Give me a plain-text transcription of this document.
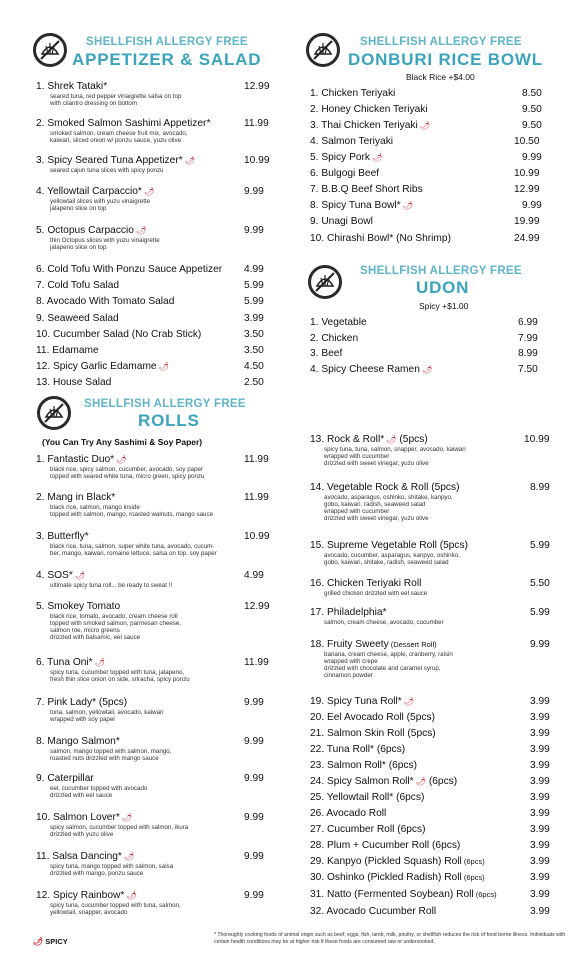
SHELLFISH ALLERGY FREE
APPETIZER & SALAD
SHELLFISH ALLERGY FREE
DONBURI RICE BOWL
Black Rice +$4.00
SHELLFISH ALLERGY FREE
UDON
Spicy +$1.00
SHELLFISH ALLERGY FREE
ROLLS
(You Can Try Any Sashimi & Soy Paper)
1. Shrek Tataki*	12.99
seared tuna, red pepper vinaigrette salsa on top
with cilantro dressing on bottom
2. Smoked Salmon Sashimi Appetizer*	11.99
smoked salmon, cream cheese fruit mix, avocado,
kaiwari, sliced onion w/ ponzu sauce, yuzu olive
3. Spicy Seared Tuna Appetizer* 🌶︎	10.99
seared cajun tuna slices with spicy ponzu
4. Yellowtail Carpaccio* 🌶︎	9.99
yellowtail slices with yuzu vinaigrette
jalapeno slice on top
5. Octopus Carpaccio 🌶︎	9.99
thin Octopus slices with yuzu vinaigrette
jalapeno slice on top
6. Cold Tofu With Ponzu Sauce Appetizer 4.99
7. Cold Tofu Salad	5.99
8. Avocado With Tomato Salad	5.99
9. Seaweed Salad	3.99
10. Cucumber Salad (No Crab Stick)	3.50
11. Edamame	3.50
12. Spicy Garlic Edamame 🌶︎	4.50
13. House Salad	2.50
1. Chicken Teriyaki	8.50
2. Honey Chicken Teriyaki	9.50
3. Thai Chicken Teriyaki 🌶︎	9.50
4. Salmon Teriyaki	10.50
5. Spicy Pork 🌶︎	9.99
6. Bulgogi Beef	10.99
7. B.B.Q Beef Short Ribs	12.99
8. Spicy Tuna Bowl* 🌶︎	9.99
9. Unagi Bowl	19.99
10. Chirashi Bowl* (No Shrimp)	24.99
1. Vegetable	6.99
2. Chicken	7.99
3. Beef	8.99
4. Spicy Cheese Ramen 🌶︎	7.50
1. Fantastic Duo* 🌶︎	11.99
black rice, spicy salmon, cucumber, avocado, soy paper
topped with seared white tuna, micro green, spicy ponzu
2. Mang in Black*	11.99
black rice, salmon, mango inside
topped with salmon, mango, roasted walnuts, mango sauce
3. Butterfly*	10.99
black rice, tuna, salmon, super white tuna, avocado, cucum-
ber, mango, kaiwari, romaine lettuce, salsa on top, soy paper
4. SOS* 🌶︎	4.99
ultimate spicy tuna roll... be ready to sweat !!
5. Smokey Tomato	12.99
black rice, tomato, avocado, cream cheese roll
topped with smoked salmon, parmesan cheese,
salmon roe, micro greens
drizzled with balsamic, eel sauce
6. Tuna Oni* 🌶︎	11.99
spicy tuna, cucumber topped with tuna, jalapeno,
fresh thin slice onion on side, sriracha, spicy ponzu
7. Pink Lady* (5pcs)	9.99
tuna, salmon, yellowtail, avocado, kaiwari
wrapped with soy paper
8. Mango Salmon*	9.99
salmon, mango topped with salmon, mango,
roasted nuts drizzled with mango sauce
9. Caterpillar	9.99
eel, cucumber topped with avocado
drizzled with eel sauce
10. Salmon Lover* 🌶︎	9.99
spicy salmon, cucumber topped with salmon, ikura
drizzled with yuzu olive
11. Salsa Dancing* 🌶︎	9.99
spicy tuna, mango topped with salmon, salsa
drizzled with mango, ponzu sauce
12. Spicy Rainbow* 🌶︎	9.99
spicy tuna, cucumber topped with tuna, salmon,
yellowtail, snapper, avocado
13. Rock & Roll* 🌶︎ (5pcs)	10.99
spicy tuna, tuna, salmon, snapper, avocado, kaiwari
wrapped with cucumber
drizzled with sweet vinegar, yuzu olive
14. Vegetable Rock & Roll (5pcs)	8.99
avocado, asparagus, oshinko, shitake, kanpyo,
gobo, kaiwari, radish, seaweed salad
wrapped with cucumber
drizzled with sweet vinegar, yuzu olive
15. Supreme Vegetable Roll (5pcs)	5.99
avocado, cucumber, asparagus, kanpyo, oshinko,
gobo, kaiwari, shitake, radish, seaweed salad
16. Chicken Teriyaki Roll	5.50
grilled chicken drizzled with eel sauce
17. Philadelphia*	5.99
salmon, cream cheese, avocado, cucumber
18. Fruity Sweety (Dessert Roll)	9.99
banana, cream cheese, apple, cranberry, raisin
wrapped with crepe
drizzled with chocolate and caramel syrup,
cinnamon powder
19. Spicy Tuna Roll* 🌶︎	3.99
20. Eel Avocado Roll (5pcs)	3.99
21. Salmon Skin Roll (5pcs)	3.99
22. Tuna Roll* (6pcs)	3.99
23. Salmon Roll* (6pcs)	3.99
24. Spicy Salmon Roll* 🌶︎ (6pcs)	3.99
25. Yellowtail Roll* (6pcs)	3.99
26. Avocado Roll	3.99
27. Cucumber Roll (6pcs)	3.99
28. Plum + Cucumber Roll (6pcs)	3.99
29. Kanpyo (Pickled Squash) Roll (6pcs)	3.99
30. Oshinko (Pickled Radish) Roll (6pcs)	3.99
31. Natto (Fermented Soybean) Roll (6pcs)	3.99
32. Avocado Cucumber Roll	3.99
🌶︎ SPICY
* Thoroughly cooking foods of animal origin such as beef, eggs, fish, lamb, milk, poultry, or shellfish reduces the risk of food borne illness. Individuals with certain health conditions may be at higher risk if these foods are consumed raw or undercooked.
